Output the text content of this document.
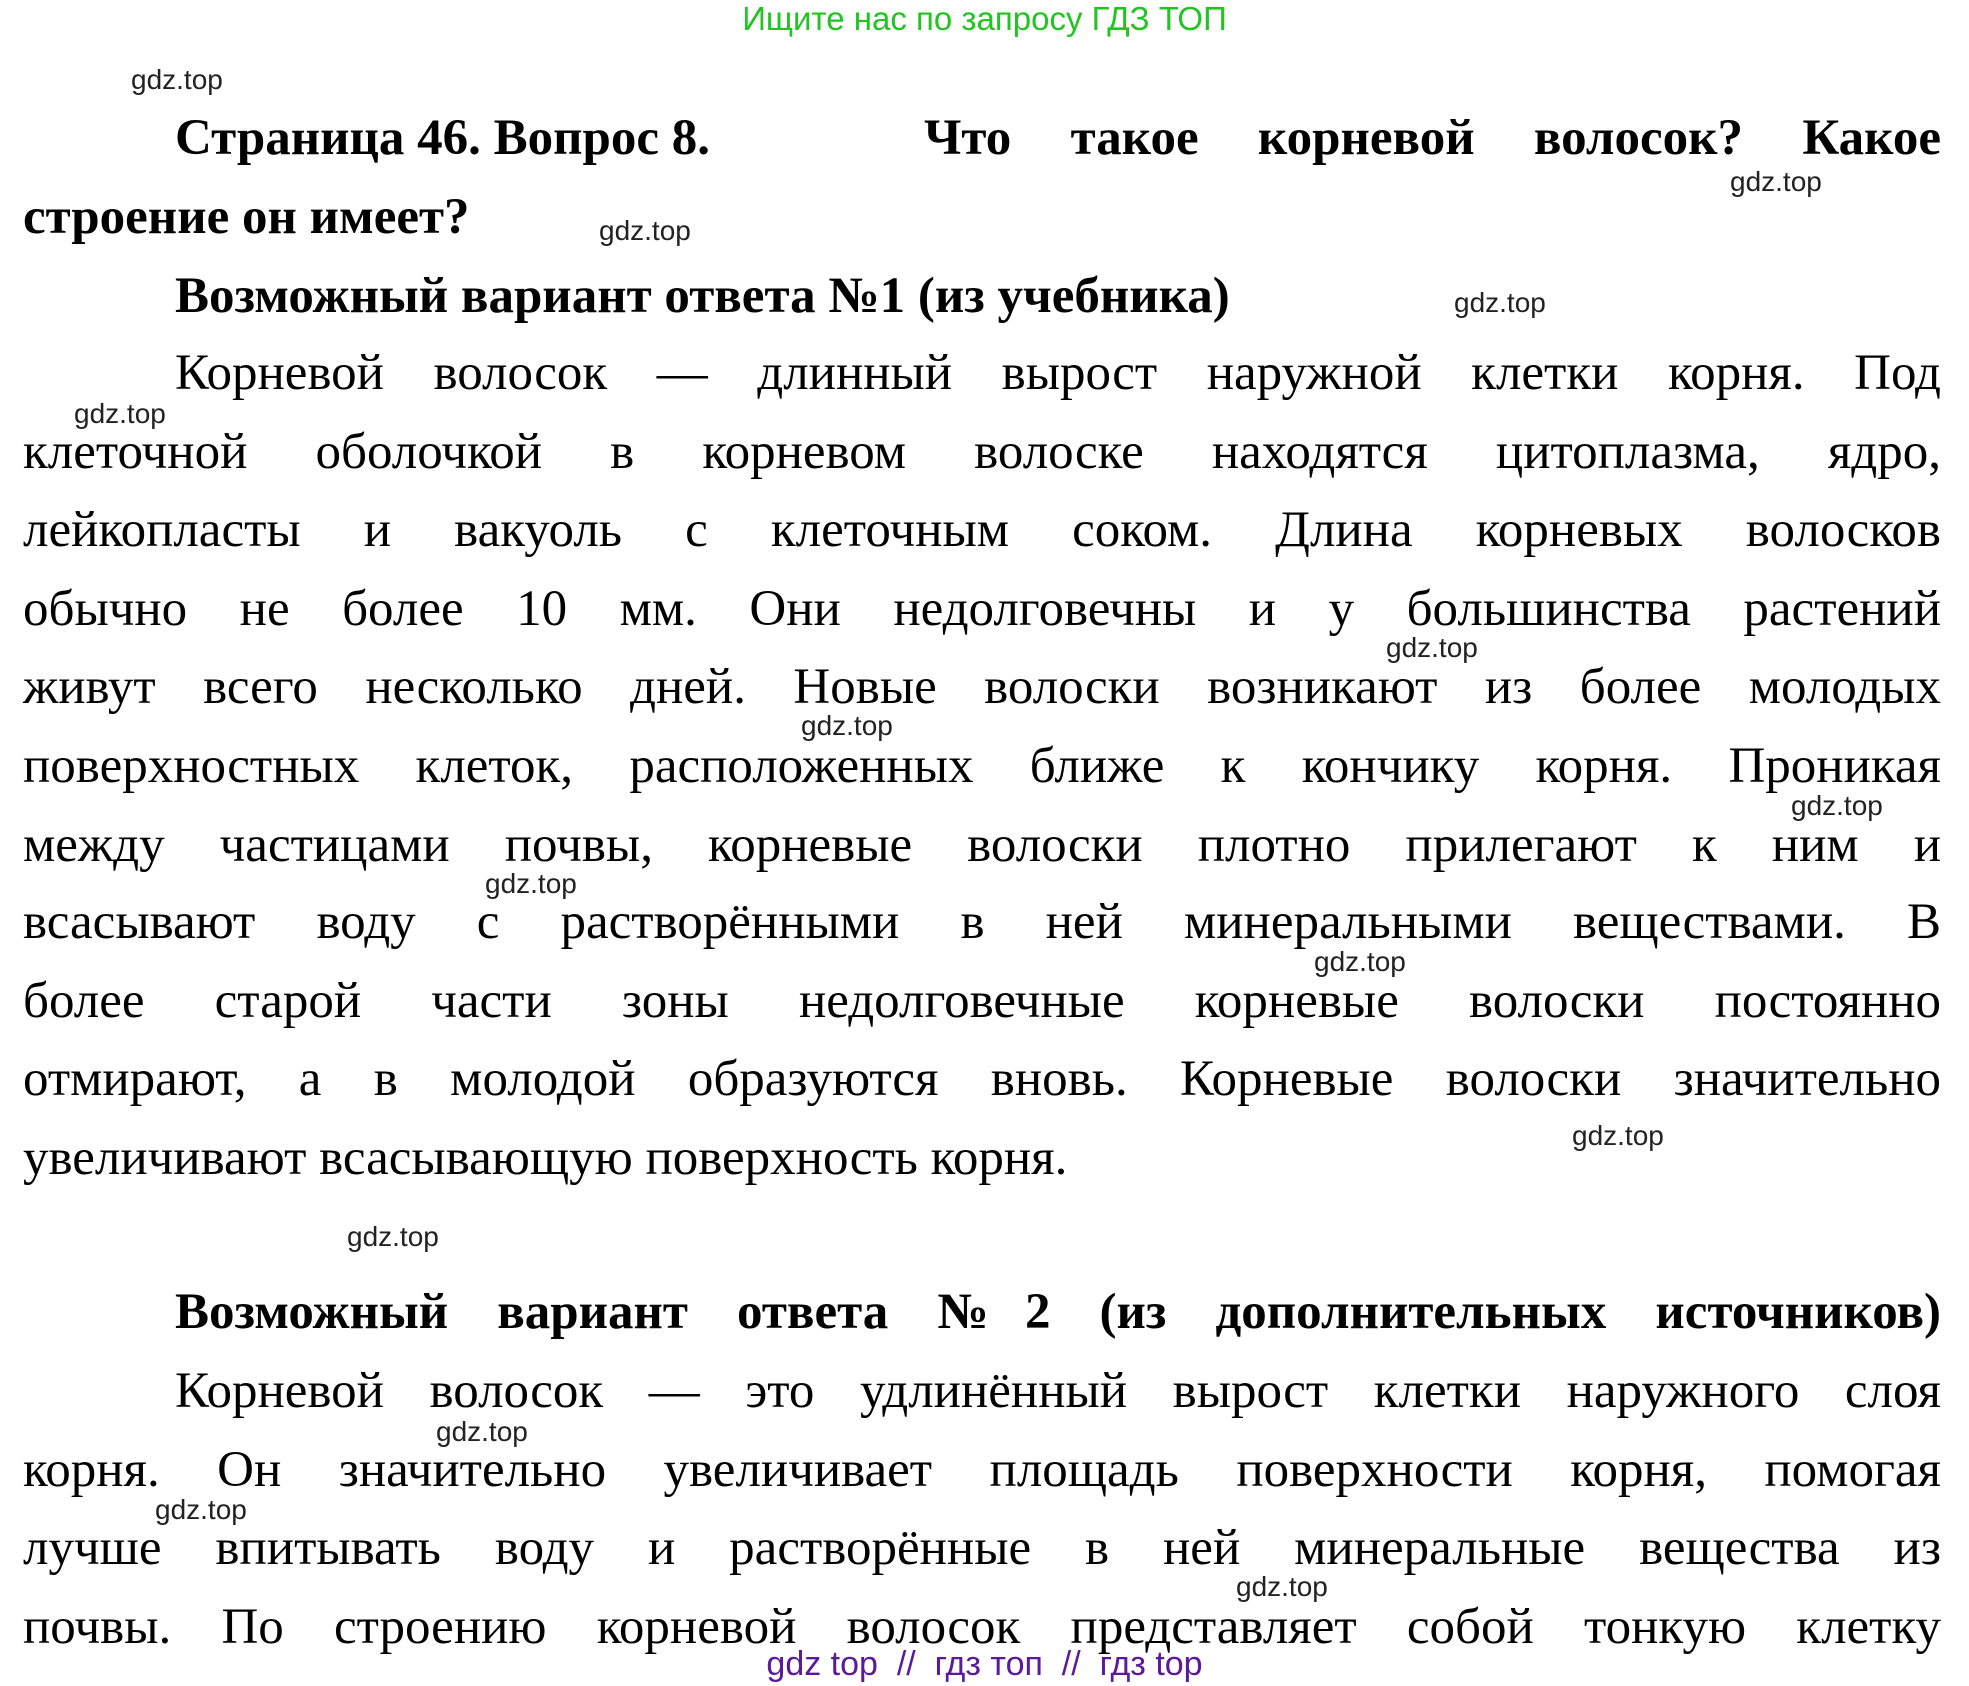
Ищите нас по запросу ГДЗ ТОП
Страница 46. Вопрос 8.	Что такое корневой волосок? Какое
строение он имеет?
Возможный вариант ответа №1 (из учебника)
Корневой волосок — длинный вырост наружной клетки корня. Под
клеточной оболочкой в корневом волоске находятся цитоплазма, ядро,
лейкопласты и вакуоль с клеточным соком. Длина корневых волосков
обычно не более 10 мм. Они недолговечны и у большинства растений
живут всего несколько дней. Новые волоски возникают из более молодых
поверхностных клеток, расположенных ближе к кончику корня. Проникая
между частицами почвы, корневые волоски плотно прилегают к ним и
всасывают воду с растворёнными в ней минеральными веществами. В
более старой части зоны недолговечные корневые волоски постоянно
отмирают, а в молодой образуются вновь. Корневые волоски значительно
увеличивают всасывающую поверхность корня.
Возможный вариант ответа №2 (из дополнительных источников)
Корневой волосок — это удлинённый вырост клетки наружного слоя
корня. Он значительно увеличивает площадь поверхности корня, помогая
лучше впитывать воду и растворённые в ней минеральные вещества из
почвы. По строению корневой волосок представляет собой тонкую клетку
gdz.top
gdz.top
gdz.top
gdz.top
gdz.top
gdz.top
gdz.top
gdz.top
gdz.top
gdz.top
gdz.top
gdz.top
gdz.top
gdz.top
gdz.top
gdz top  //  гдз топ  //  гдз top
